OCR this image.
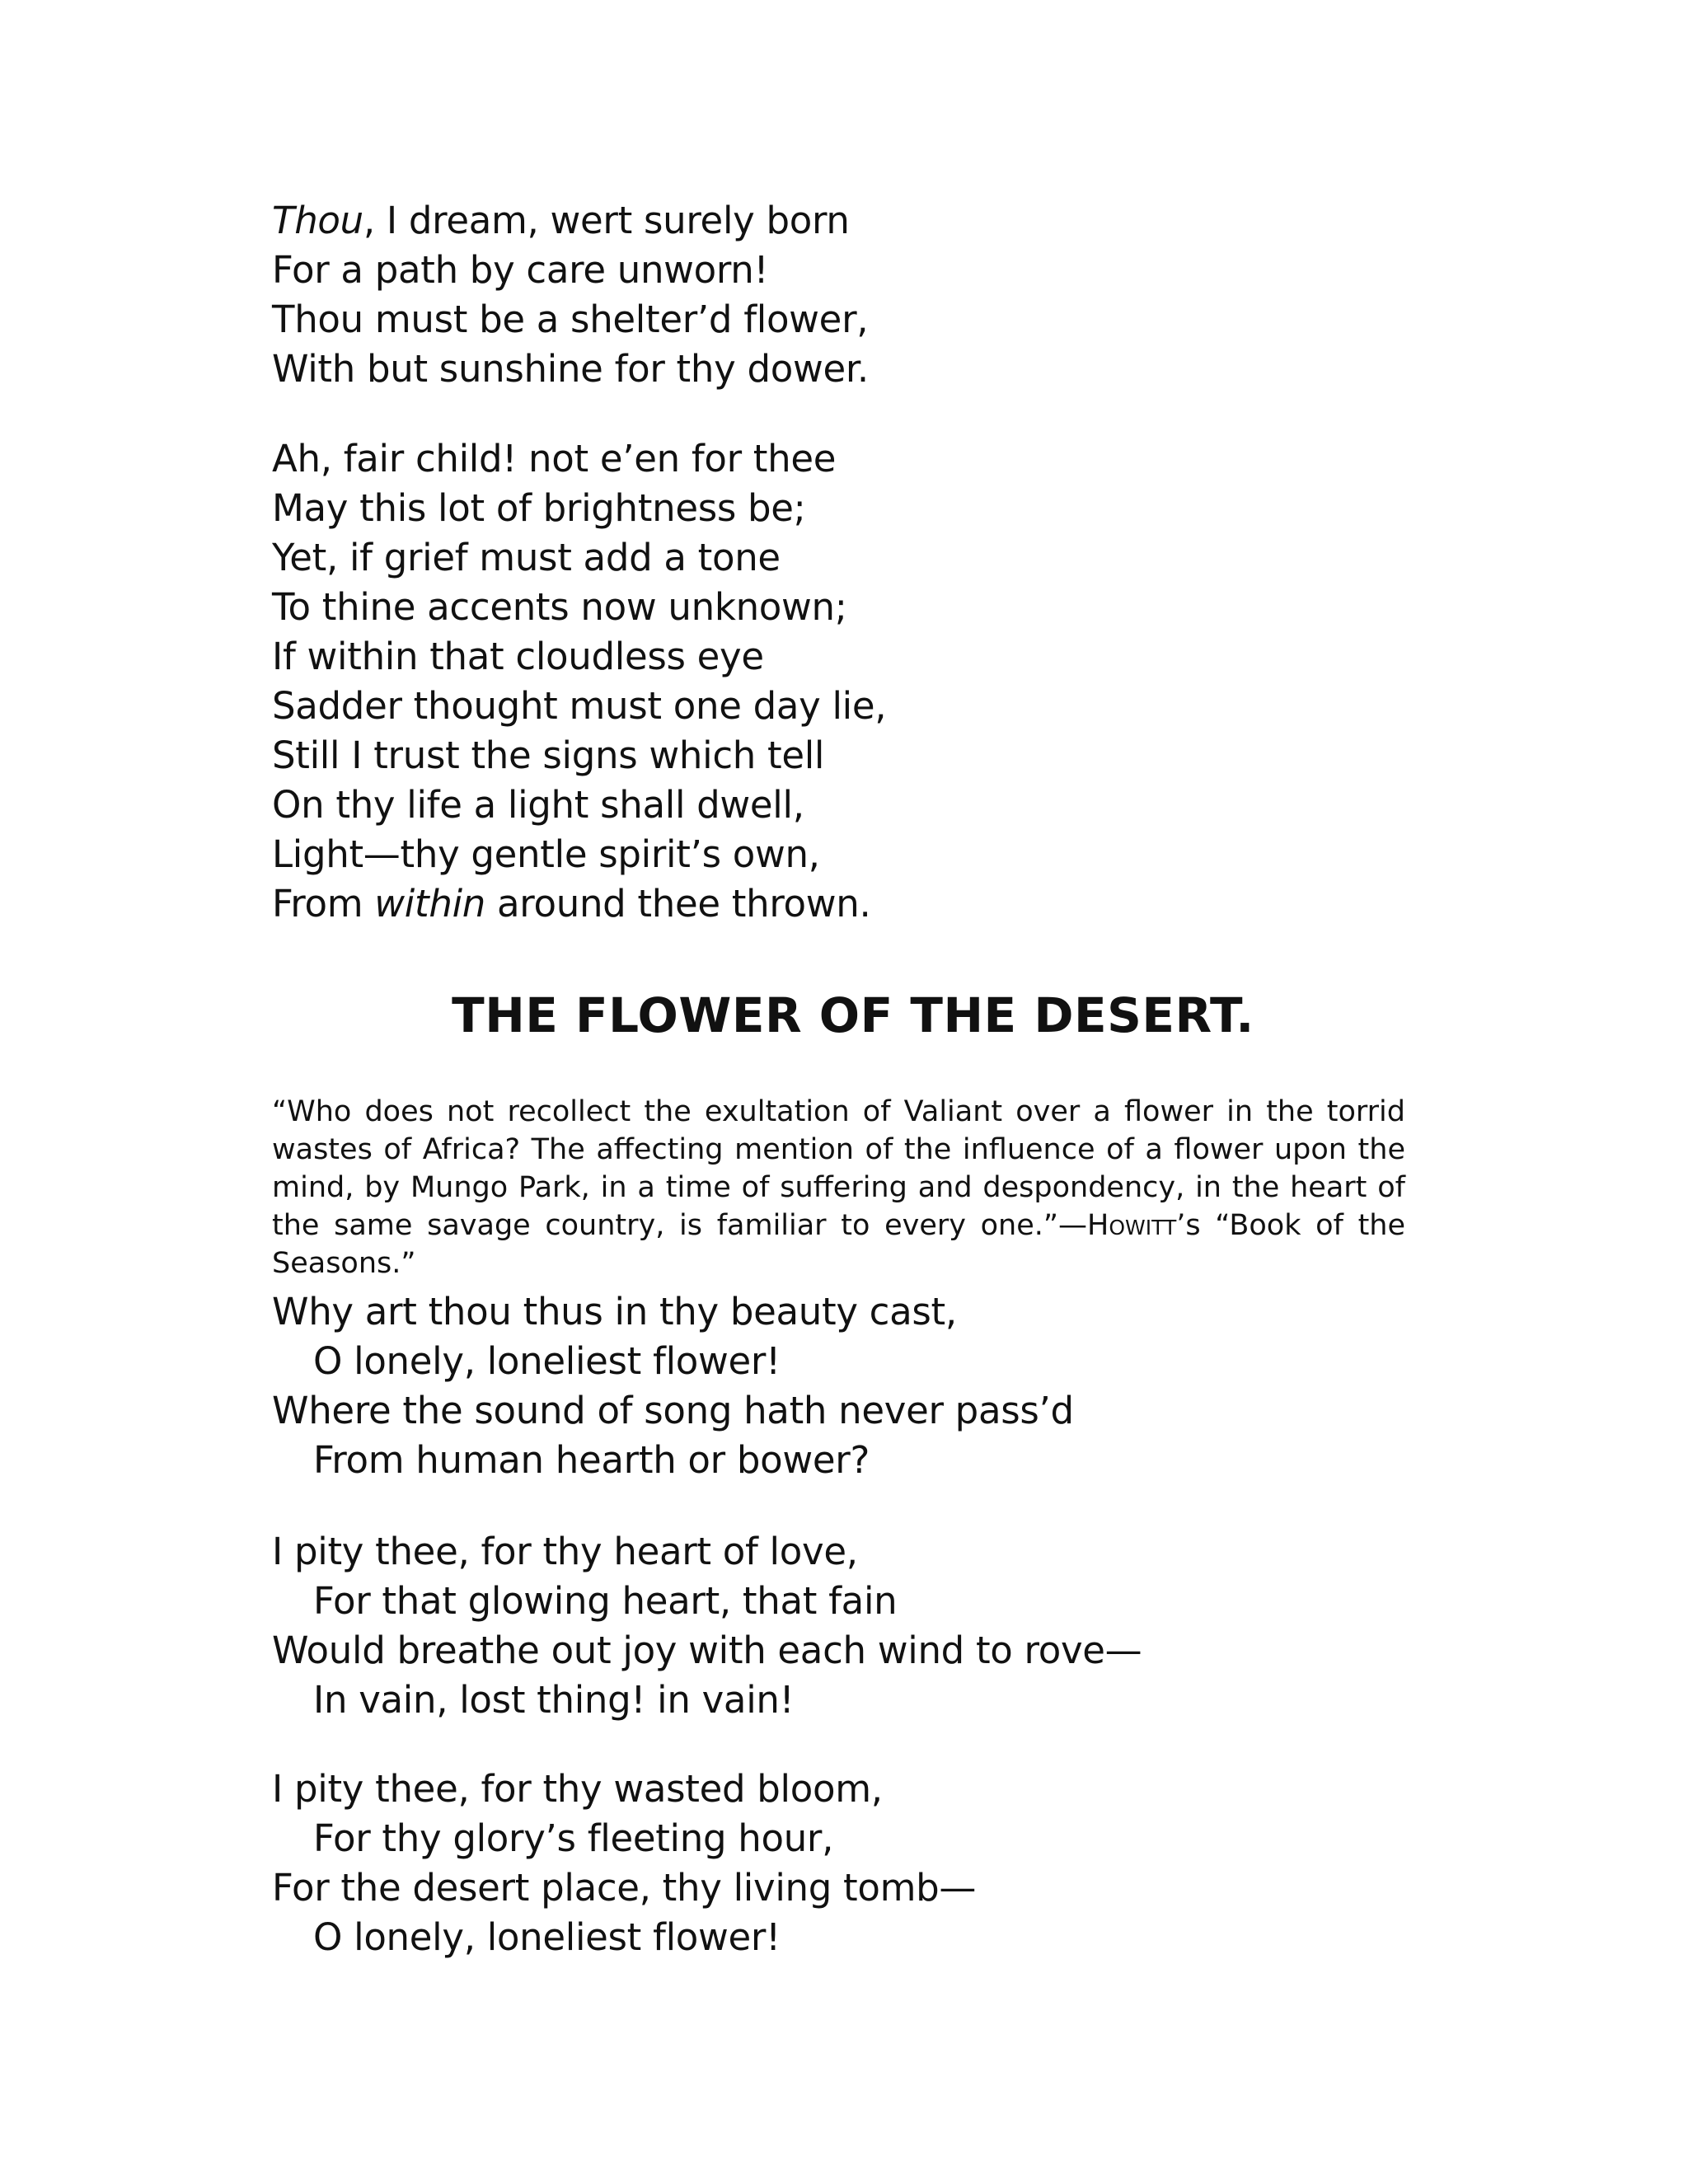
Thou, I dream, wert surely born
For a path by care unworn!
Thou must be a shelter’d flower,
With but sunshine for thy dower.
Ah, fair child! not e’en for thee
May this lot of brightness be;
Yet, if grief must add a tone
To thine accents now unknown;
If within that cloudless eye
Sadder thought must one day lie,
Still I trust the signs which tell
On thy life a light shall dwell,
Light—thy gentle spirit’s own,
From within around thee thrown.
THE FLOWER OF THE DESERT.

“Who does not recollect the exultation of Valiant over a flower in the torrid wastes of Africa? The affecting mention of the influence of a flower upon the mind, by Mungo Park, in a time of suffering and despondency, in the heart of the same savage country, is familiar to every one.”—Howitt’s “Book of the Seasons.”

Why art thou thus in thy beauty cast,
O lonely, loneliest flower!
Where the sound of song hath never pass’d
From human hearth or bower?
I pity thee, for thy heart of love,
For that glowing heart, that fain
Would breathe out joy with each wind to rove—
In vain, lost thing! in vain!
I pity thee, for thy wasted bloom,
For thy glory’s fleeting hour,
For the desert place, thy living tomb—
O lonely, loneliest flower!
